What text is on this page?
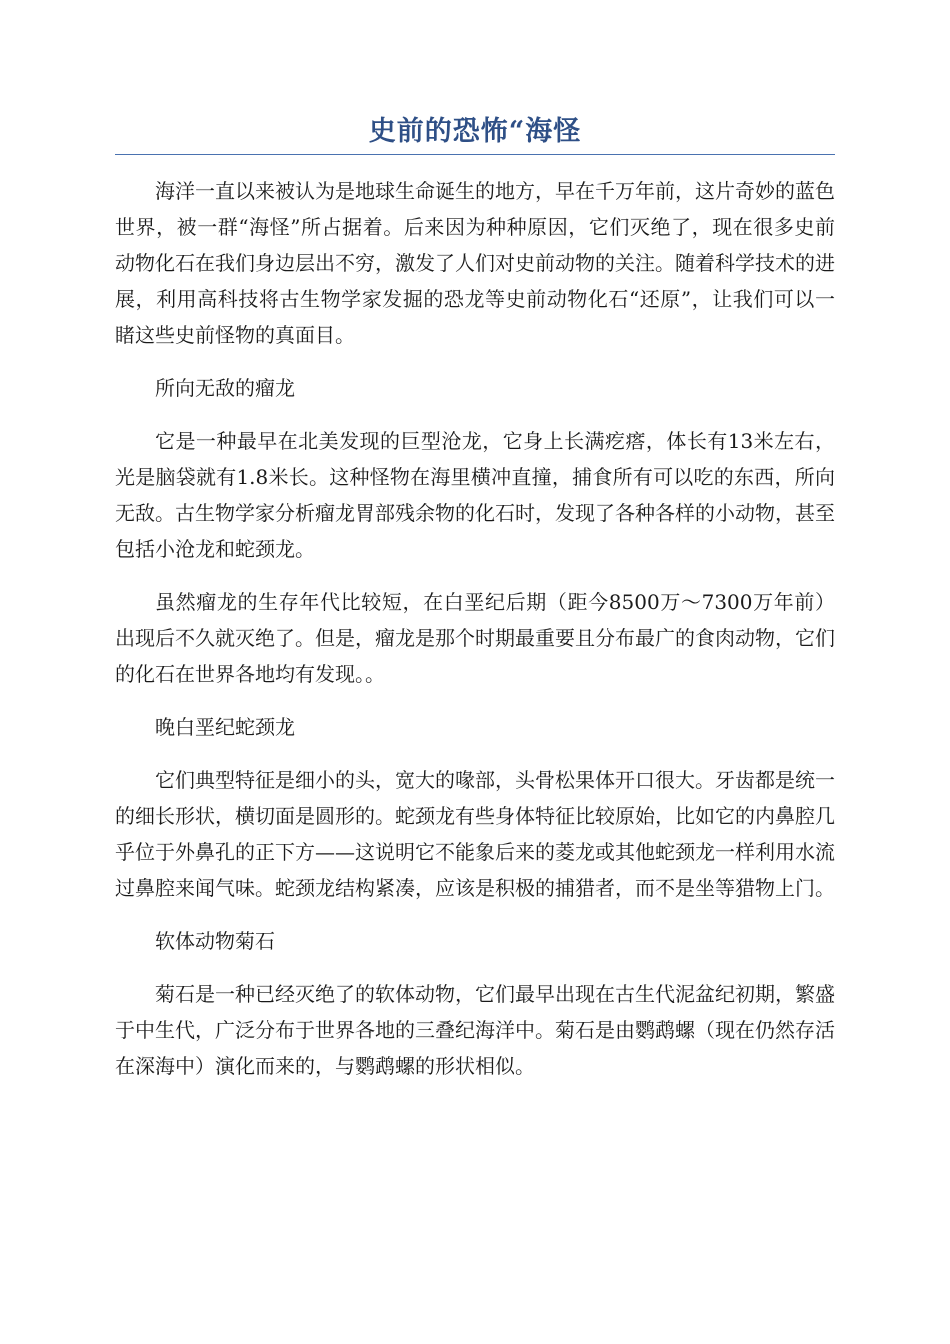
史前的恐怖“海怪

海洋一直以来被认为是地球生命诞生的地方，早在千万年前，这片奇妙的蓝色世界，被一群“海怪”所占据着。后来因为种种原因，它们灭绝了，现在很多史前动物化石在我们身边层出不穷，激发了人们对史前动物的关注。随着科学技术的进展，利用高科技将古生物学家发掘的恐龙等史前动物化石“还原”，让我们可以一睹这些史前怪物的真面目。

所向无敌的瘤龙

它是一种最早在北美发现的巨型沧龙，它身上长满疙瘩，体长有13米左右，光是脑袋就有1.8米长。这种怪物在海里横冲直撞，捕食所有可以吃的东西，所向无敌。古生物学家分析瘤龙胃部残余物的化石时，发现了各种各样的小动物，甚至包括小沧龙和蛇颈龙。

虽然瘤龙的生存年代比较短，在白垩纪后期（距今8500万～7300万年前）出现后不久就灭绝了。但是，瘤龙是那个时期最重要且分布最广的食肉动物，它们的化石在世界各地均有发现。。

晚白垩纪蛇颈龙

它们典型特征是细小的头，宽大的喙部，头骨松果体开口很大。牙齿都是统一的细长形状，横切面是圆形的。蛇颈龙有些身体特征比较原始，比如它的内鼻腔几乎位于外鼻孔的正下方——这说明它不能象后来的菱龙或其他蛇颈龙一样利用水流过鼻腔来闻气味。蛇颈龙结构紧凑，应该是积极的捕猎者，而不是坐等猎物上门。

软体动物菊石

菊石是一种已经灭绝了的软体动物，它们最早出现在古生代泥盆纪初期，繁盛于中生代，广泛分布于世界各地的三叠纪海洋中。菊石是由鹦鹉螺（现在仍然存活在深海中）演化而来的，与鹦鹉螺的形状相似。
